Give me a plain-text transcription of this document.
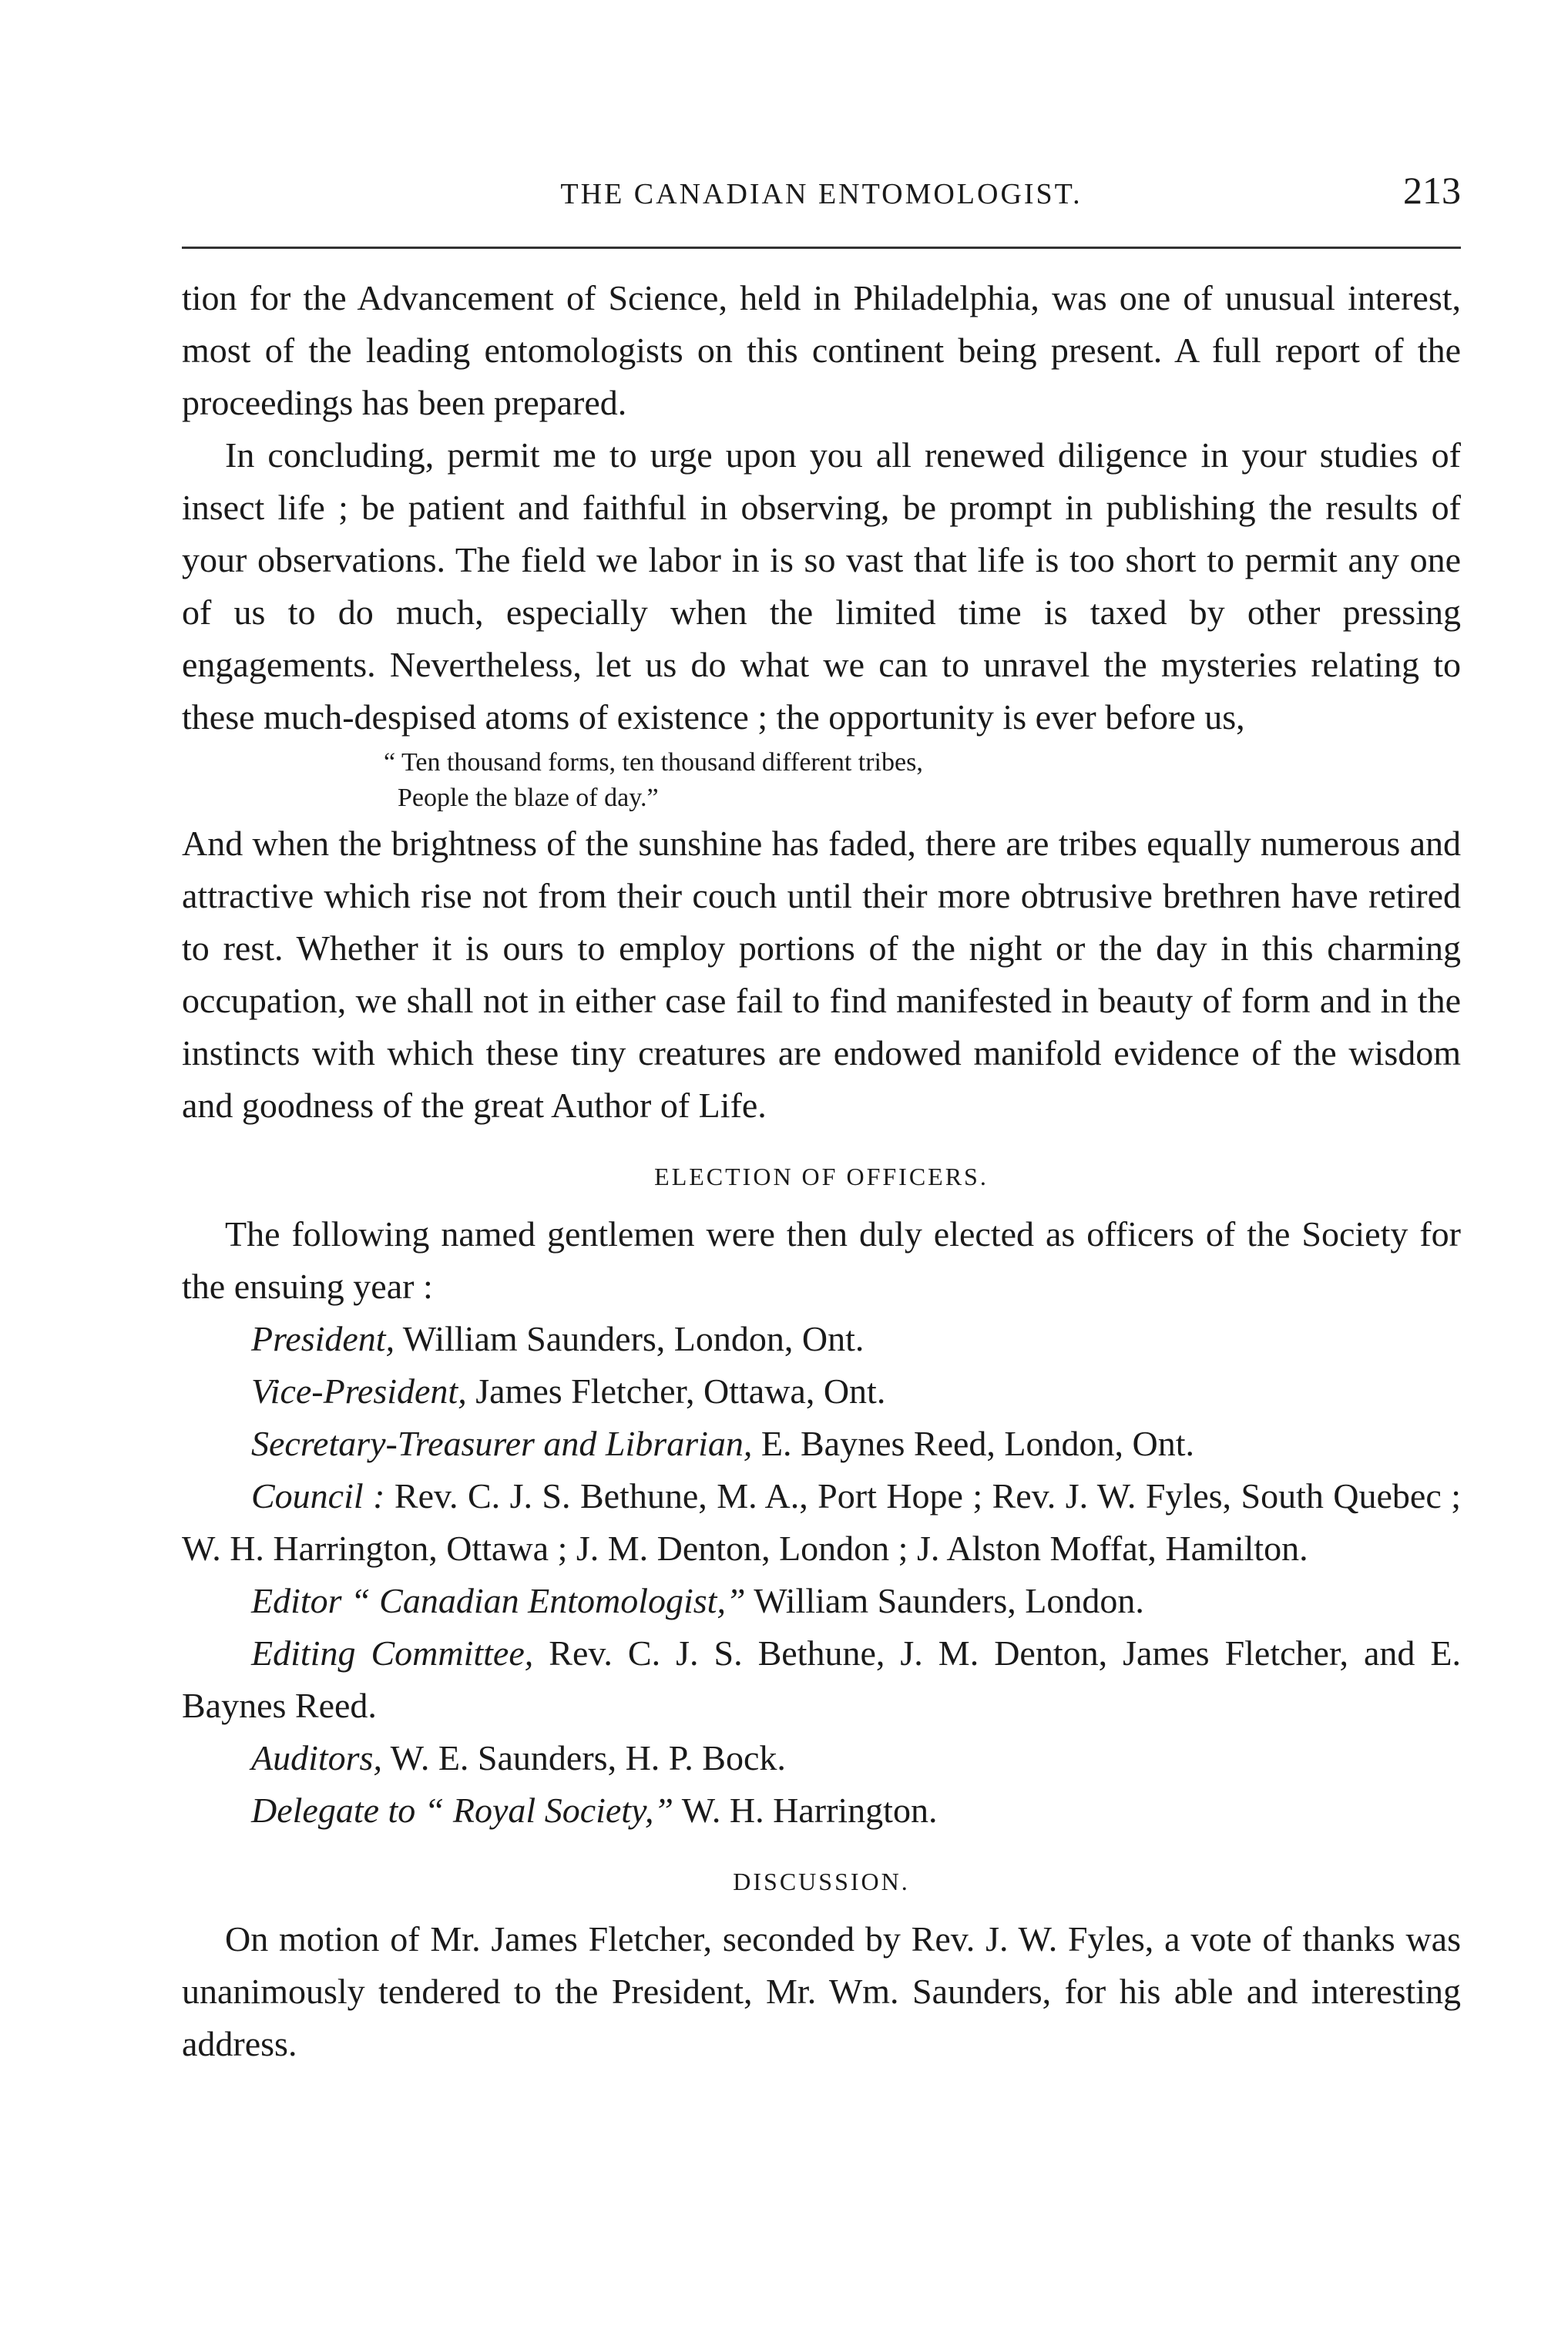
THE CANADIAN ENTOMOLOGIST.	213

tion for the Advancement of Science, held in Philadelphia, was one of unusual interest, most of the leading entomologists on this continent being present. A full report of the proceedings has been prepared.

In concluding, permit me to urge upon you all renewed diligence in your studies of insect life ; be patient and faithful in observing, be prompt in publishing the results of your observations. The field we labor in is so vast that life is too short to permit any one of us to do much, especially when the limited time is taxed by other pressing engagements. Nevertheless, let us do what we can to unravel the mysteries relating to these much-despised atoms of existence ; the opportunity is ever before us,

“ Ten thousand forms, ten thousand different tribes,
People the blaze of day.”

And when the brightness of the sunshine has faded, there are tribes equally numerous and attractive which rise not from their couch until their more obtrusive brethren have retired to rest. Whether it is ours to employ portions of the night or the day in this charming occupation, we shall not in either case fail to find manifested in beauty of form and in the instincts with which these tiny creatures are endowed manifold evidence of the wisdom and goodness of the great Author of Life.

ELECTION OF OFFICERS.

The following named gentlemen were then duly elected as officers of the Society for the ensuing year :

President, William Saunders, London, Ont.
Vice-President, James Fletcher, Ottawa, Ont.
Secretary-Treasurer and Librarian, E. Baynes Reed, London, Ont.
Council : Rev. C. J. S. Bethune, M. A., Port Hope ; Rev. J. W. Fyles, South Quebec ; W. H. Harrington, Ottawa ; J. M. Denton, London ; J. Alston Moffat, Hamilton.
Editor “ Canadian Entomologist,” William Saunders, London.
Editing Committee, Rev. C. J. S. Bethune, J. M. Denton, James Fletcher, and E. Baynes Reed.
Auditors, W. E. Saunders, H. P. Bock.
Delegate to “ Royal Society,” W. H. Harrington.
DISCUSSION.

On motion of Mr. James Fletcher, seconded by Rev. J. W. Fyles, a vote of thanks was unanimously tendered to the President, Mr. Wm. Saunders, for his able and interesting address.
